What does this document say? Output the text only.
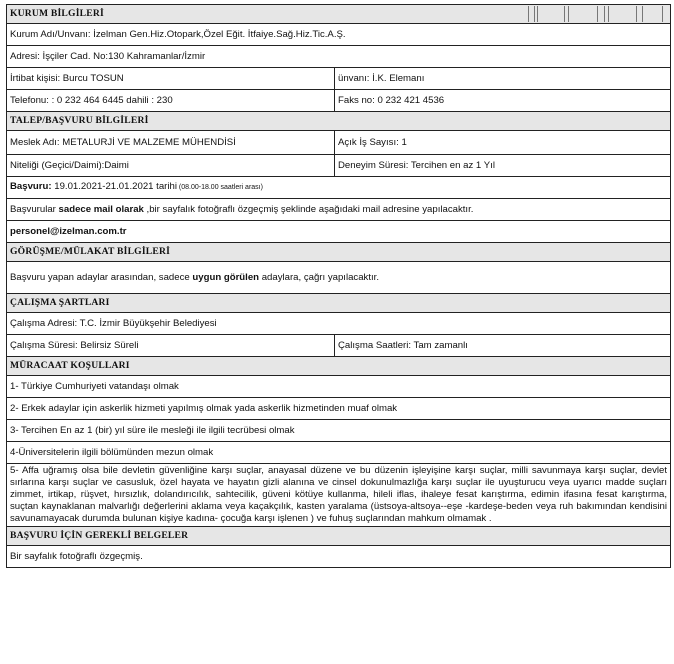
KURUM BİLGİLERİ	
Kurum Adı/Unvanı: İzelman Gen.Hiz.Otopark,Özel Eğit. İtfaiye.Sağ.Hiz.Tic.A.Ş.	
Adresi: İşçiler Cad. No:130 Kahramanlar/İzmir	
İrtibat kişisi: Burcu TOSUN	ünvanı: İ.K. Elemanı
Telefonu: : 0 232 464 6445 dahili : 230	Faks no: 0 232 421 4536
TALEP/BAŞVURU BİLGİLERİ	
Meslek Adı: METALURJİ VE MALZEME MÜHENDİSİ	Açık İş Sayısı: 1
Niteliği (Geçici/Daimi):Daimi	Deneyim Süresi: Tercihen en az 1 Yıl
Başvuru: 19.01.2021-21.01.2021 tarihi (08.00-18.00 saatleri arası)	
Başvurular sadece mail olarak ,bir sayfalık fotoğraflı özgeçmiş şeklinde aşağıdaki mail adresine yapılacaktır.	
personel@izelman.com.tr	
GÖRÜŞME/MÜLAKAT BİLGİLERİ	
Başvuru yapan adaylar arasından, sadece uygun görülen adaylara, çağrı yapılacaktır.	
ÇALIŞMA ŞARTLARI	
Çalışma Adresi: T.C. İzmir Büyükşehir Belediyesi	
Çalışma Süresi: Belirsiz Süreli	Çalışma Saatleri: Tam zamanlı
MÜRACAAT KOŞULLARI	
1- Türkiye Cumhuriyeti vatandaşı olmak	
2- Erkek adaylar için askerlik hizmeti yapılmış olmak yada askerlik hizmetinden muaf olmak	
3- Tercihen En az 1 (bir) yıl süre ile mesleği ile ilgili tecrübesi olmak	
4-Üniversitelerin ilgili bölümünden mezun olmak	
5- Affa uğramış olsa bile devletin güvenliğine karşı suçlar, anayasal düzene ve bu düzenin işleyişine karşı suçlar, milli savunmaya karşı suçlar, devlet sırlarına karşı suçlar ve casusluk, özel hayata ve hayatın gizli alanına ve cinsel dokunulmazlığa karşı suçlar ile uyuşturucu veya uyarıcı madde suçları zimmet, irtikap, rüşvet, hırsızlık, dolandırıcılık, sahtecilik, güveni kötüye kullanma, hileli iflas, ihaleye fesat karıştırma, edimin ifasına fesat karıştırma, suçtan kaynaklanan malvarlığı değerlerini aklama veya kaçakçılık, kasten yaralama (üstsoya-altsoya--eşe -kardeşe-beden veya ruh bakımından kendisini savunamayacak durumda bulunan kişiye kadına- çocuğa karşı işlenen ) ve fuhuş suçlarından mahkum olmamak .	
BAŞVURU İÇİN GEREKLİ BELGELER	
Bir sayfalık fotoğraflı özgeçmiş.	
